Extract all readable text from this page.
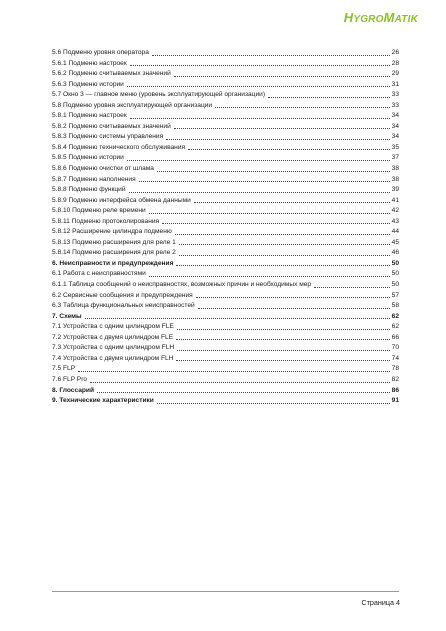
HYGROMATIK
5.6 Подменю уровня оператора	26
5.6.1 Подменю настроек	28
5.6.2 Подменю считываемых значений	29
5.6.3 Подменю истории	31
5.7 Окно 3 — главное меню (уровень эксплуатирующей организации)	33
5.8 Подменю уровня эксплуатирующей организации	33
5.8.1 Подменю настроек	34
5.8.2 Подменю считываемых значений	34
5.8.3 Подменю системы управления	34
5.8.4 Подменю технического обслуживания	35
5.8.5 Подменю истории	37
5.8.6 Подменю очистки от шлама	38
5.8.7 Подменю наполнения	38
5.8.8 Подменю функций	39
5.8.9 Подменю интерфейса обмена данными	41
5.8.10 Подменю реле времени	42
5.8.11 Подменю протоколирования	43
5.8.12 Расширение цилиндра подменю	44
5.8.13 Подменю расширения для реле 1	45
5.8.14 Подменю расширения для реле 2	46
6. Неисправности и предупреждения	50
6.1 Работа с неисправностями	50
6.1.1 Таблица сообщений о неисправностях, возможных причин и необходимых мер	50
6.2 Сервисные сообщения и предупреждения	57
6.3 Таблица функциональных неисправностей	58
7. Схемы	62
7.1 Устройства с одним цилиндром FLE	62
7.2 Устройства с двумя цилиндром FLE	66
7.3 Устройства с одним цилиндром FLH	70
7.4 Устройства с двумя цилиндром FLH	74
7.5 FLP	78
7.6 FLP Pro	82
8. Глоссарий	86
9. Технические характеристики	91
Страница 4
